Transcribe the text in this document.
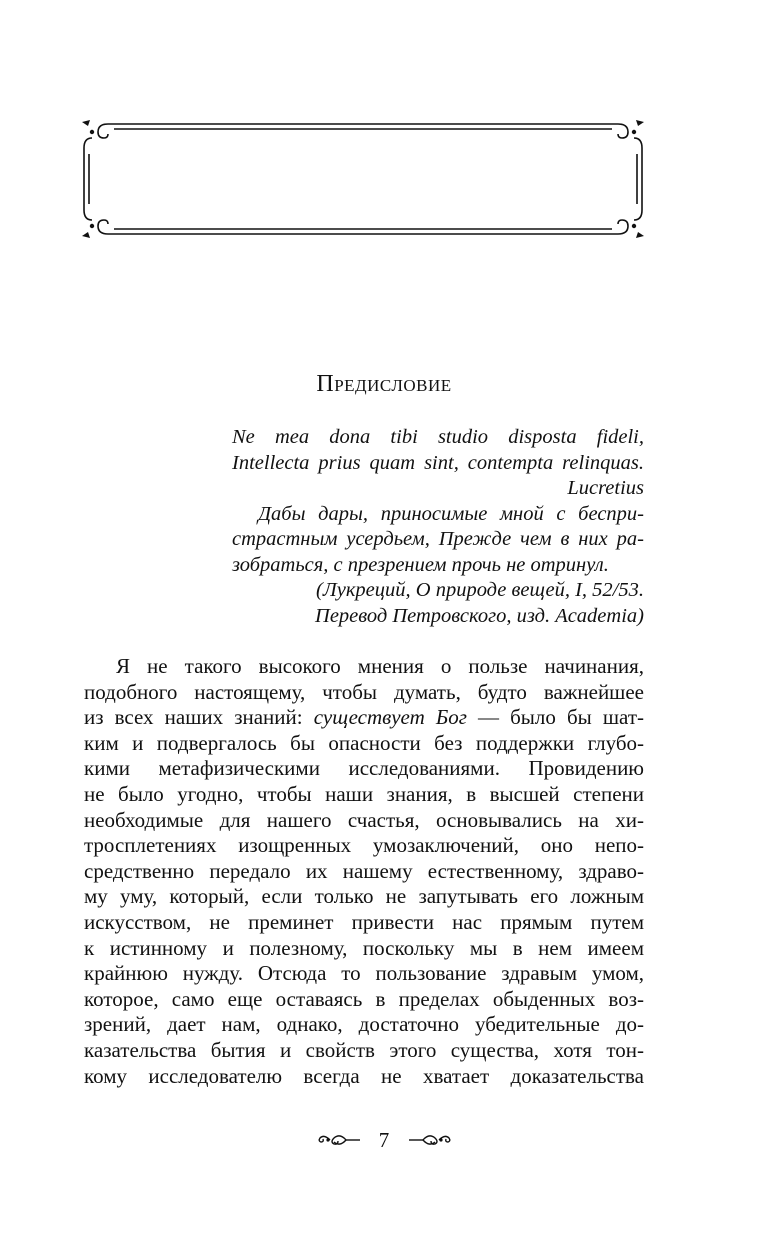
Предисловие
Ne mea dona tibi studio disposta fideli,
Intellecta prius quam sint, contempta relinquas.
Lucretius
Дабы дары, приносимые мной с беспри-
страстным усердьем, Прежде чем в них ра-
зобраться, с презрением прочь не отринул.
(Лукреций, О природе вещей, I, 52/53.
Перевод Петровского, изд. Academia)
Я не такого высокого мнения о пользе начинания,
подобного настоящему, чтобы думать, будто важнейшее
из всех наших знаний: существует Бог — было бы шат-
ким и подвергалось бы опасности без поддержки глубо-
кими метафизическими исследованиями. Провидению
не было угодно, чтобы наши знания, в высшей степени
необходимые для нашего счастья, основывались на хи-
тросплетениях изощренных умозаключений, оно непо-
средственно передало их нашему естественному, здраво-
му уму, который, если только не запутывать его ложным
искусством, не преминет привести нас прямым путем
к истинному и полезному, поскольку мы в нем имеем
крайнюю нужду. Отсюда то пользование здравым умом,
которое, само еще оставаясь в пределах обыденных воз-
зрений, дает нам, однако, достаточно убедительные до-
казательства бытия и свойств этого существа, хотя тон-
кому исследователю всегда не хватает доказательства
7
